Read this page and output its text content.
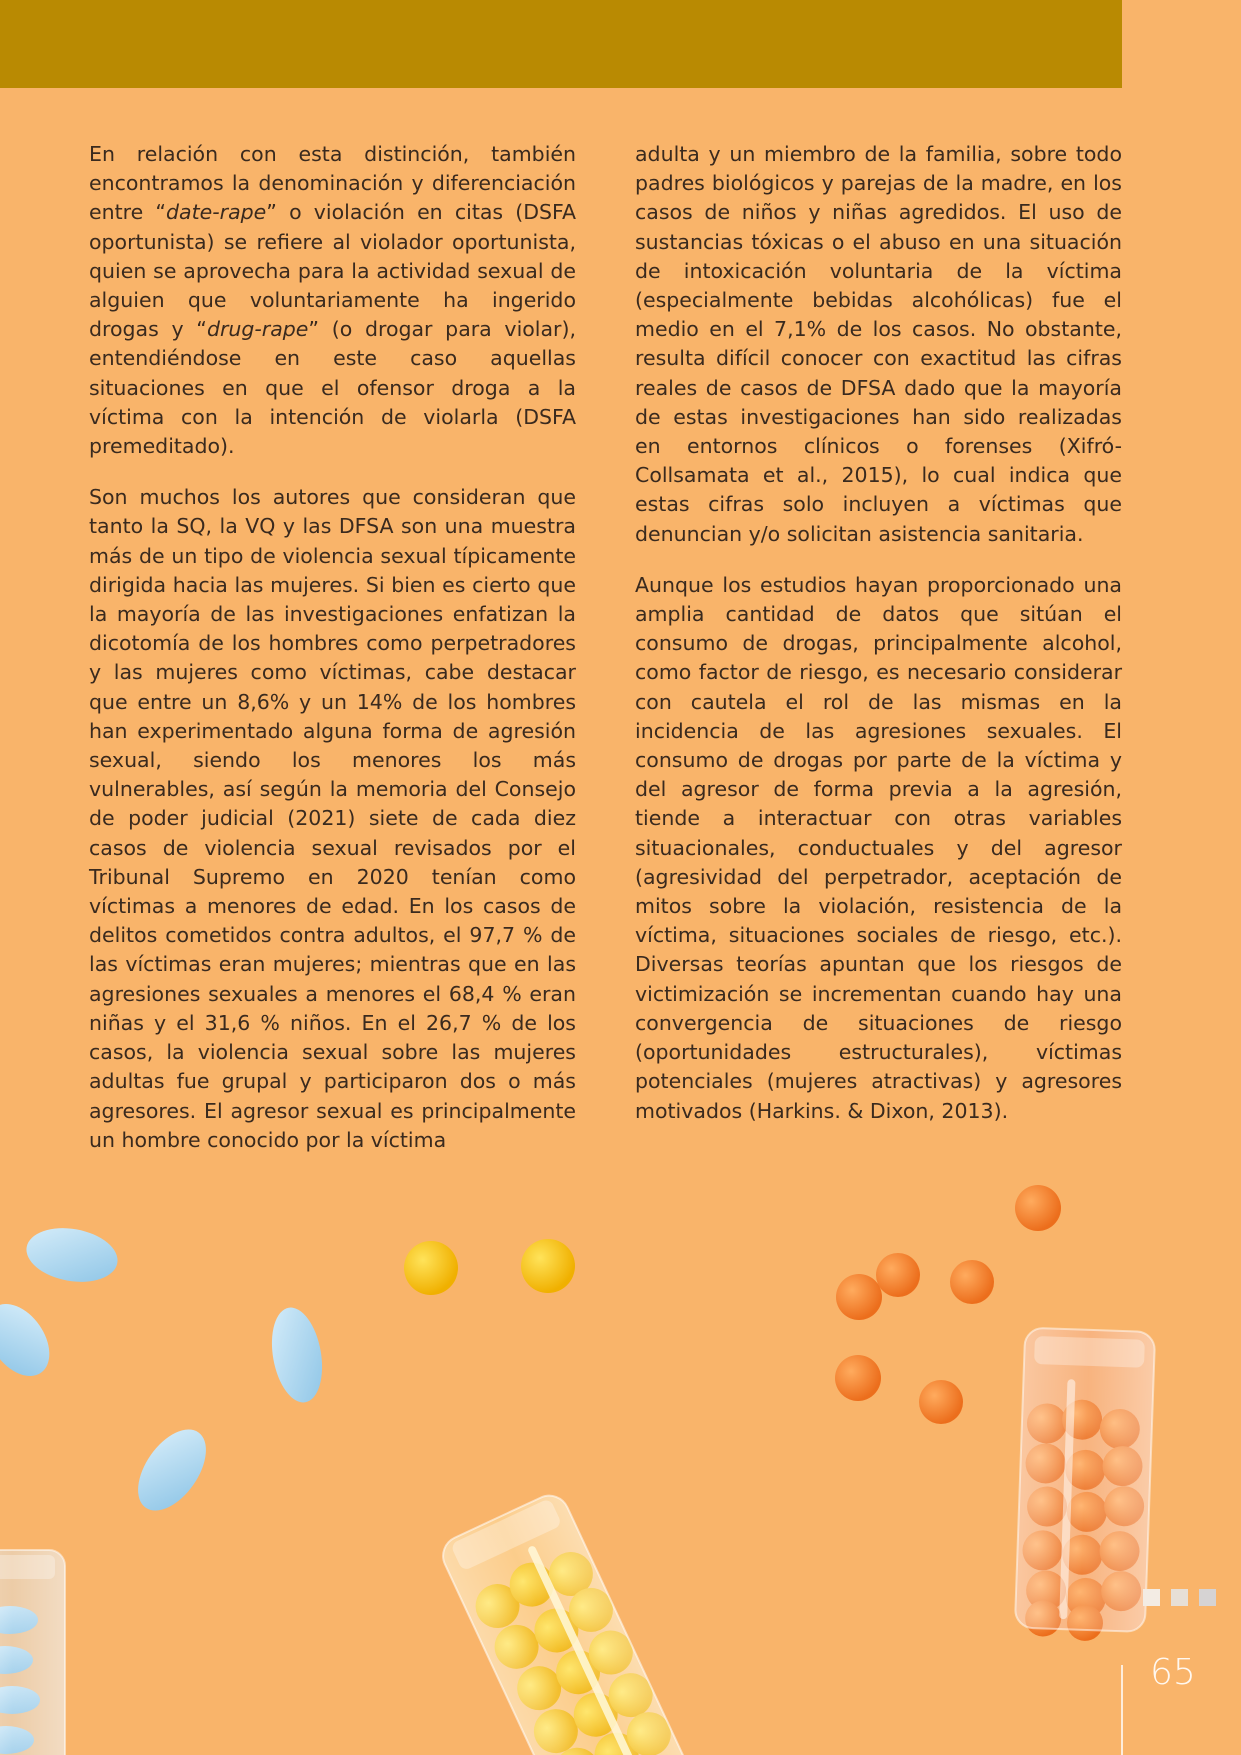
En relación con esta distinción, también encontramos la denominación y diferenciación entre “date-rape” o violación en citas (DSFA oportunista) se refiere al violador oportunista, quien se aprovecha para la actividad sexual de alguien que voluntariamente ha ingerido drogas y “drug-rape” (o drogar para violar), entendiéndose en este caso aquellas situaciones en que el ofensor droga a la víctima con la intención de violarla (DSFA premeditado).

Son muchos los autores que consideran que tanto la SQ, la VQ y las DFSA son una muestra más de un tipo de violencia sexual típicamente dirigida hacia las mujeres. Si bien es cierto que la mayoría de las investigaciones enfatizan la dicotomía de los hombres como perpetradores y las mujeres como víctimas, cabe destacar que entre un 8,6% y un 14% de los hombres han experimentado alguna forma de agresión sexual, siendo los menores los más vulnerables, así según la memoria del Consejo de poder judicial (2021) siete de cada diez casos de violencia sexual revisados por el Tribunal Supremo en 2020 tenían como víctimas a menores de edad. En los casos de delitos cometidos contra adultos, el 97,7 % de las víctimas eran mujeres; mientras que en las agresiones sexuales a menores el 68,4 % eran niñas y el 31,6 % niños. En el 26,7 % de los casos, la violencia sexual sobre las mujeres adultas fue grupal y participaron dos o más agresores. El agresor sexual es principalmente un hombre conocido por la víctima

adulta y un miembro de la familia, sobre todo padres biológicos y parejas de la madre, en los casos de niños y niñas agredidos. El uso de sustancias tóxicas o el abuso en una situación de intoxicación voluntaria de la víctima (especialmente bebidas alcohólicas) fue el medio en el 7,1% de los casos. No obstante, resulta difícil conocer con exactitud las cifras reales de casos de DFSA dado que la mayoría de estas investigaciones han sido realizadas en entornos clínicos o forenses (Xifró-Collsamata et al., 2015), lo cual indica que estas cifras solo incluyen a víctimas que denuncian y/o solicitan asistencia sanitaria.

Aunque los estudios hayan proporcionado una amplia cantidad de datos que sitúan el consumo de drogas, principalmente alcohol, como factor de riesgo, es necesario considerar con cautela el rol de las mismas en la incidencia de las agresiones sexuales. El consumo de drogas por parte de la víctima y del agresor de forma previa a la agresión, tiende a interactuar con otras variables situacionales, conductuales y del agresor (agresividad del perpetrador, aceptación de mitos sobre la violación, resistencia de la víctima, situaciones sociales de riesgo, etc.). Diversas teorías apuntan que los riesgos de victimización se incrementan cuando hay una convergencia de situaciones de riesgo (oportunidades estructurales), víctimas potenciales (mujeres atractivas) y agresores motivados (Harkins. & Dixon, 2013).

65
